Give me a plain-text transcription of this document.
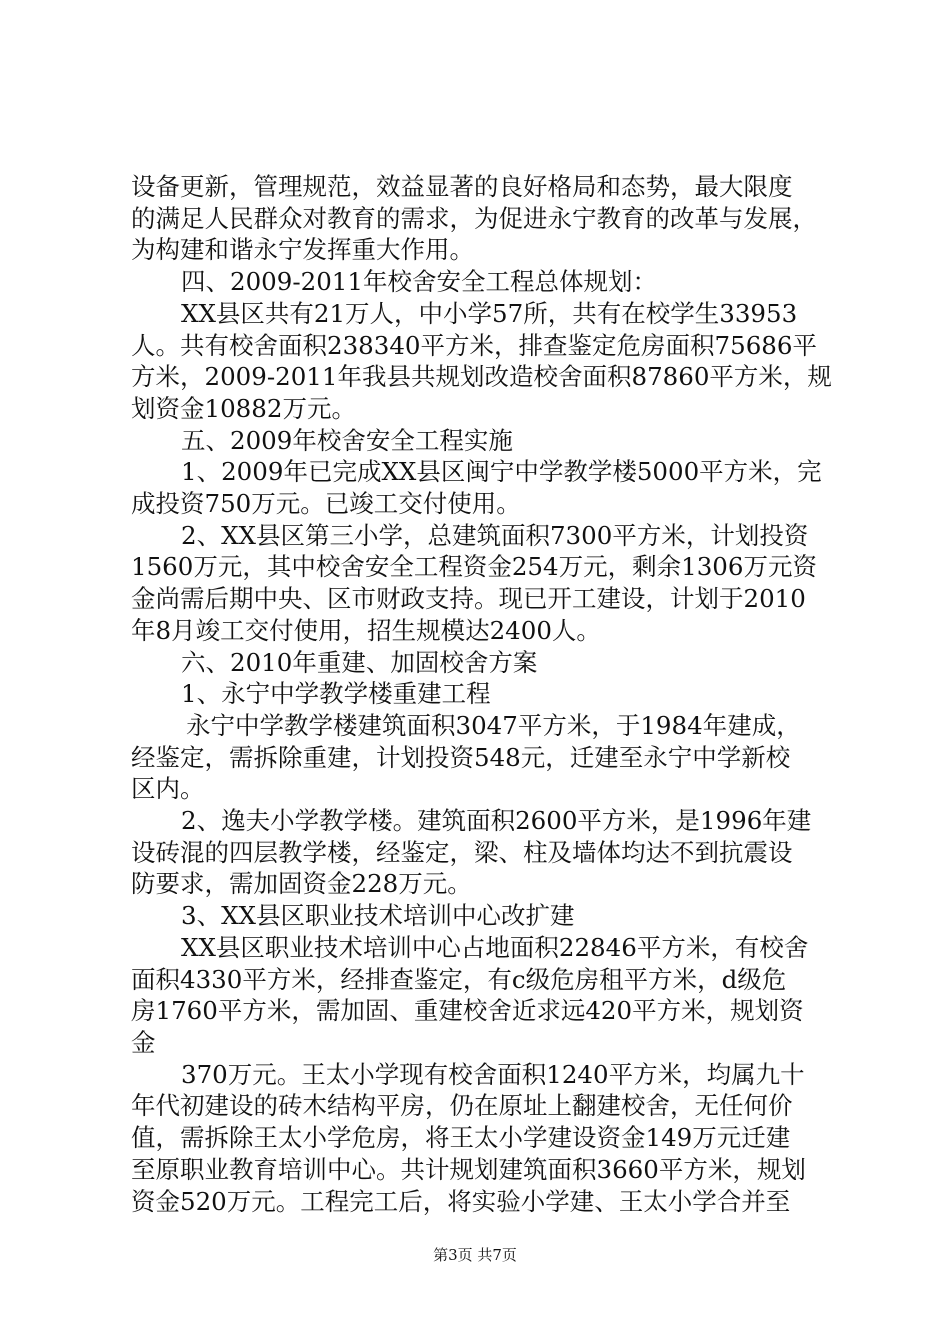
设备更新，管理规范，效益显著的良好格局和态势，最大限度

的满足人民群众对教育的需求，为促进永宁教育的改革与发展，

为构建和谐永宁发挥重大作用。

四、2009-2011年校舍安全工程总体规划：

XX县区共有21万人，中小学57所，共有在校学生33953

人。共有校舍面积238340平方米，排查鉴定危房面积75686平

方米，2009-2011年我县共规划改造校舍面积87860平方米，规

划资金10882万元。

五、2009年校舍安全工程实施

1、2009年已完成XX县区闽宁中学教学楼5000平方米，完

成投资750万元。已竣工交付使用。

2、XX县区第三小学，总建筑面积7300平方米，计划投资

1560万元，其中校舍安全工程资金254万元，剩余1306万元资

金尚需后期中央、区市财政支持。现已开工建设，计划于2010

年8月竣工交付使用，招生规模达2400人。

六、2010年重建、加固校舍方案

1、永宁中学教学楼重建工程

永宁中学教学楼建筑面积3047平方米，于1984年建成，

经鉴定，需拆除重建，计划投资548元，迁建至永宁中学新校

区内。

2、逸夫小学教学楼。建筑面积2600平方米，是1996年建

设砖混的四层教学楼，经鉴定，梁、柱及墙体均达不到抗震设

防要求，需加固资金228万元。

3、XX县区职业技术培训中心改扩建

XX县区职业技术培训中心占地面积22846平方米，有校舍

面积4330平方米，经排查鉴定，有c级危房租平方米，d级危

房1760平方米，需加固、重建校舍近求远420平方米，规划资

金

370万元。王太小学现有校舍面积1240平方米，均属九十

年代初建设的砖木结构平房，仍在原址上翻建校舍，无任何价

值，需拆除王太小学危房，将王太小学建设资金149万元迁建

至原职业教育培训中心。共计规划建筑面积3660平方米，规划

资金520万元。工程完工后，将实验小学建、王太小学合并至

第3页 共7页
